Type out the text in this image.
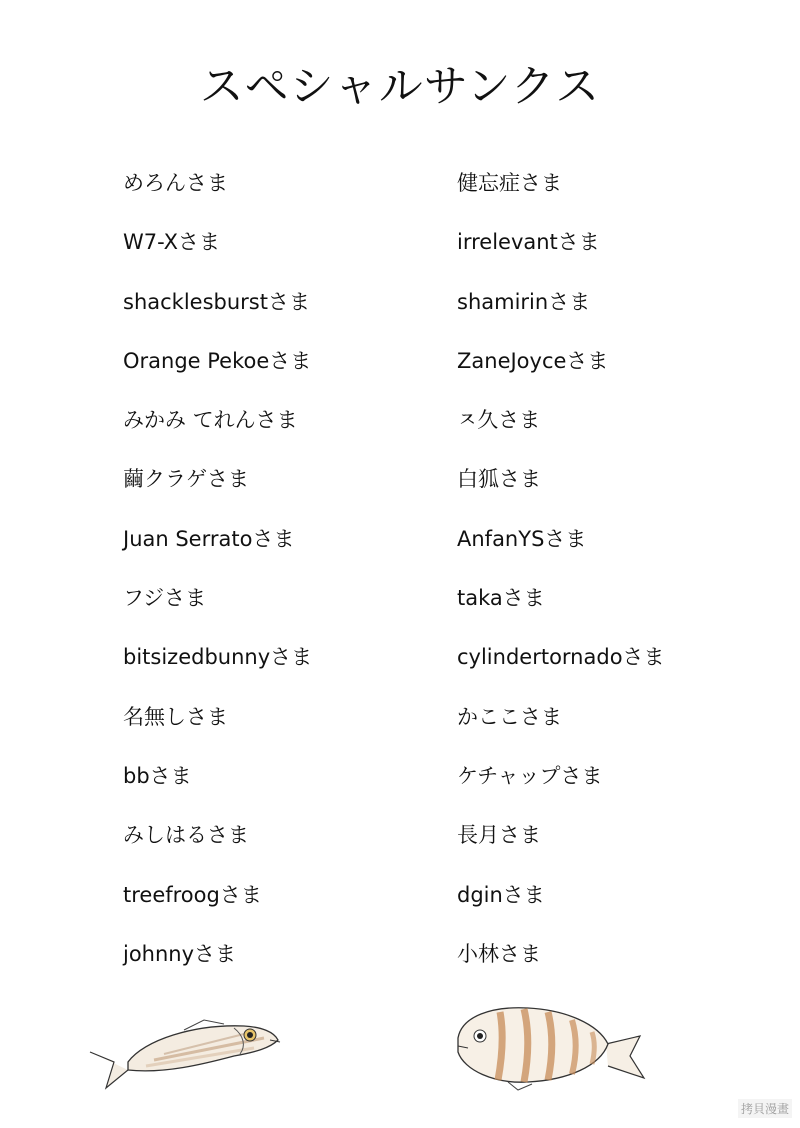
スペシャルサンクス
めろんさま
W7-Xさま
shacklesburstさま
Orange Pekoeさま
みかみ てれんさま
繭クラゲさま
Juan Serratoさま
フジさま
bitsizedbunnyさま
名無しさま
bbさま
みしはるさま
treefroogさま
johnnyさま
健忘症さま
irrelevantさま
shamirinさま
ZaneJoyceさま
ㅈ久さま
白狐さま
AnfanYSさま
takaさま
cylindertornadoさま
かここさま
ケチャップさま
長月さま
dginさま
小林さま
拷貝漫畫
